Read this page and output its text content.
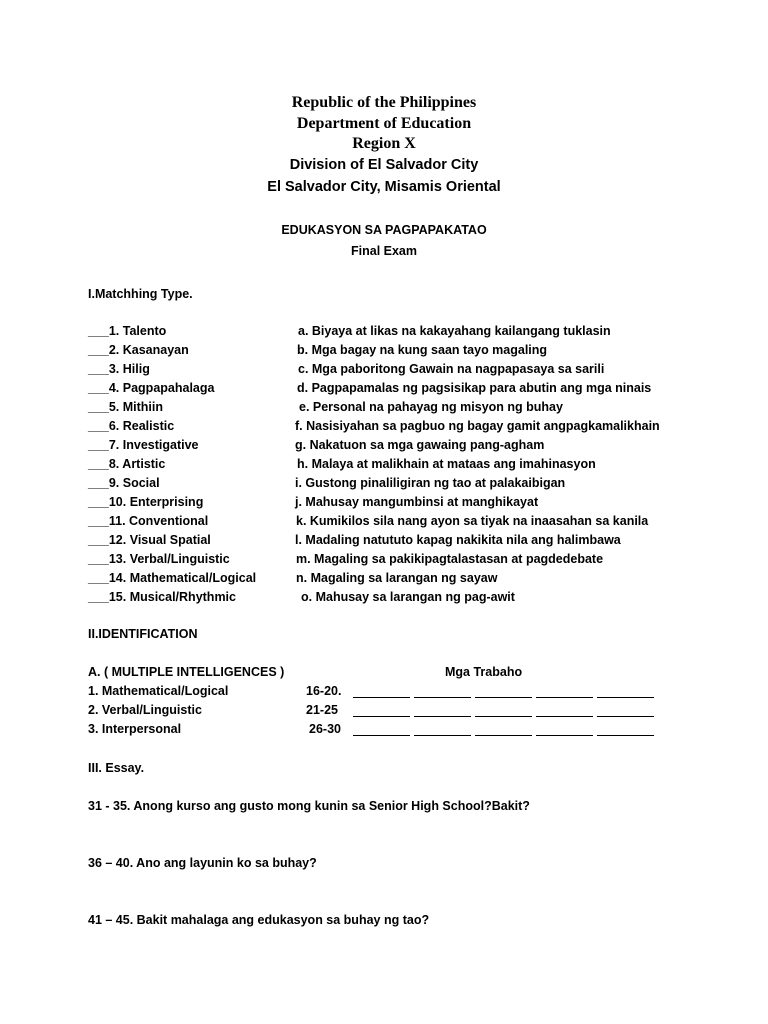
Republic of the Philippines
Department of Education
Region X
Division of El Salvador City
El Salvador City, Misamis Oriental
EDUKASYON SA PAGPAPAKATAO
Final Exam
I.Matchhing Type.
___1. Talento	a. Biyaya at likas na kakayahang kailangang tuklasin
___2. Kasanayan	b. Mga bagay na kung saan tayo magaling
___3. Hilig	c. Mga paboritong Gawain na nagpapasaya sa sarili
___4. Pagpapahalaga	d. Pagpapamalas ng pagsisikap para abutin ang mga ninais
___5. Mithiin	e. Personal na pahayag ng misyon ng buhay
___6. Realistic	f. Nasisiyahan sa pagbuo ng bagay gamit angpagkamalikhain
___7. Investigative	g. Nakatuon sa mga gawaing pang-agham
___8. Artistic	h. Malaya at malikhain at mataas ang imahinasyon
___9. Social	i. Gustong pinaliligiran ng tao at palakaibigan
___10. Enterprising	j. Mahusay mangumbinsi at manghikayat
___11. Conventional	k. Kumikilos sila nang ayon sa tiyak na inaasahan sa kanila
___12. Visual Spatial	l. Madaling natututo kapag nakikita nila ang halimbawa
___13. Verbal/Linguistic	m. Magaling sa pakikipagtalastasan at pagdedebate
___14. Mathematical/Logical	n. Magaling sa larangan ng sayaw
___15. Musical/Rhythmic	o. Mahusay sa larangan ng pag-awit
II.IDENTIFICATION
A. ( MULTIPLE INTELLIGENCES )	Mga Trabaho
1. Mathematical/Logical	16-20.
2. Verbal/Linguistic	21-25
3. Interpersonal	26-30
III. Essay.
31 - 35. Anong kurso ang gusto mong kunin sa Senior High School?Bakit?
36 – 40. Ano ang layunin ko sa buhay?
41 – 45. Bakit mahalaga ang edukasyon sa buhay ng tao?
